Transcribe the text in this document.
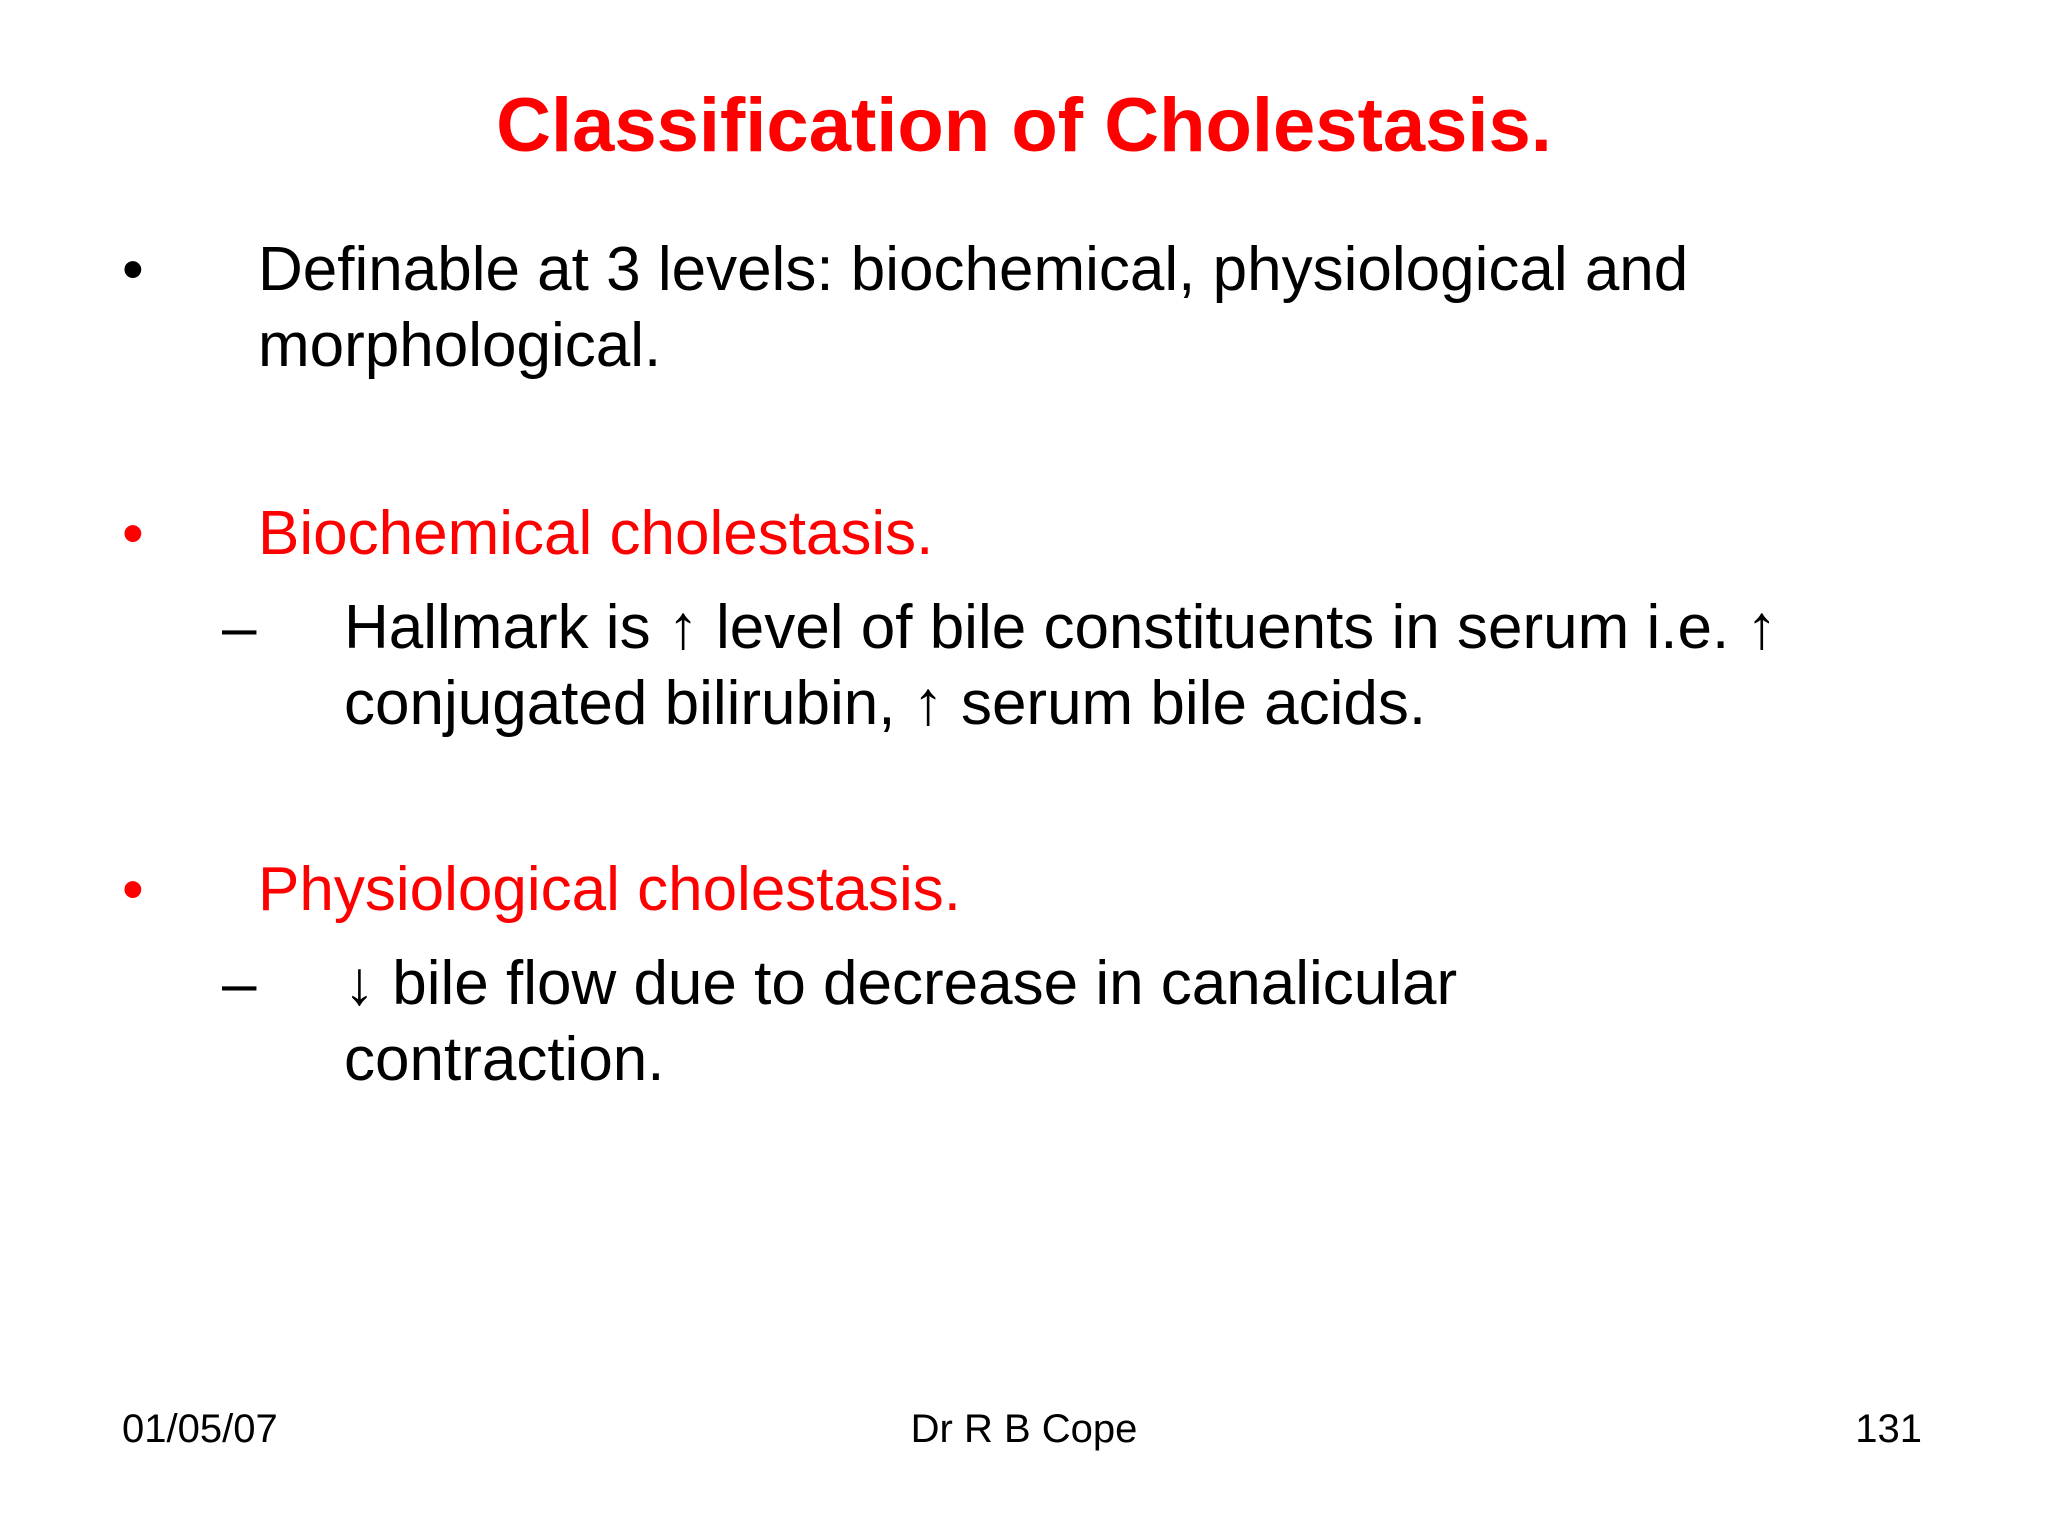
Classification of Cholestasis.
• Definable at 3 levels: biochemical, physiological and
morphological.
• Biochemical cholestasis.
– Hallmark is ↑ level of bile constituents in serum i.e. ↑
conjugated bilirubin, ↑ serum bile acids.
• Physiological cholestasis.
– ↓ bile flow due to decrease in canalicular
contraction.
01/05/07	Dr R B Cope	131
